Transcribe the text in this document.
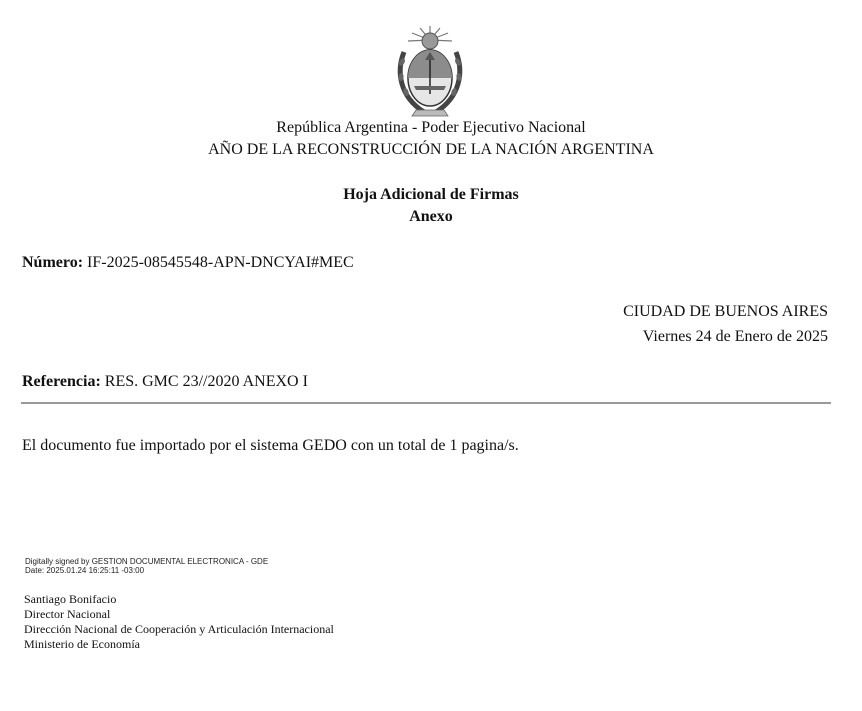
República Argentina - Poder Ejecutivo Nacional
AÑO DE LA RECONSTRUCCIÓN DE LA NACIÓN ARGENTINA
Hoja Adicional de Firmas
Anexo
Número: IF-2025-08545548-APN-DNCYAI#MEC
CIUDAD DE BUENOS AIRES
Viernes 24 de Enero de 2025
Referencia: RES. GMC 23//2020 ANEXO I
El documento fue importado por el sistema GEDO con un total de 1 pagina/s.
Digitally signed by GESTION DOCUMENTAL ELECTRONICA - GDE
Date: 2025.01.24 16:25:11 -03:00
Santiago Bonifacio
Director Nacional
Dirección Nacional de Cooperación y Articulación Internacional
Ministerio de Economía
